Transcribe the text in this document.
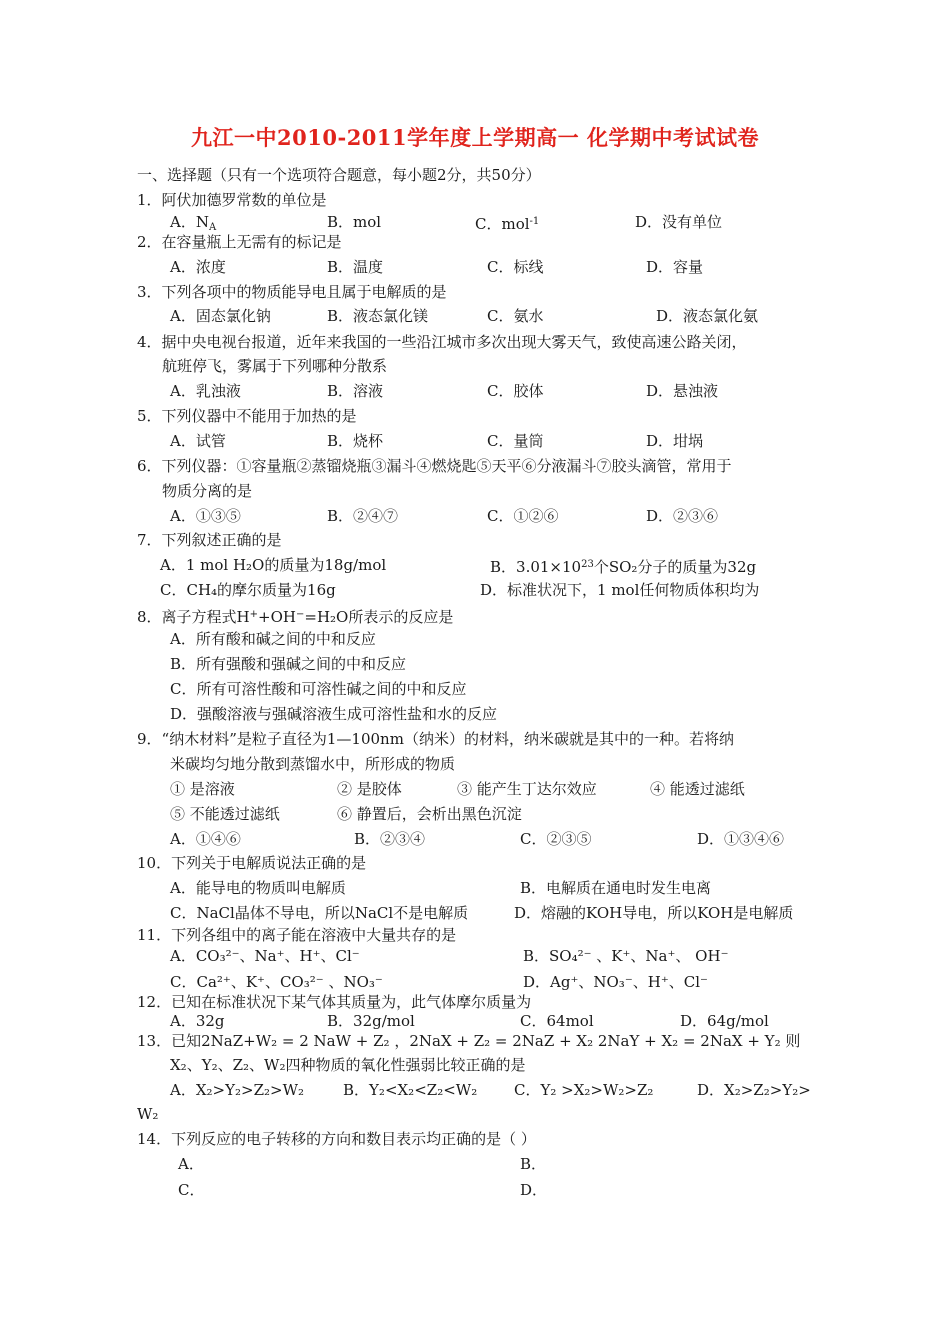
九江一中2010-2011学年度上学期高一 化学期中考试试卷
一、选择题（只有一个选项符合题意，每小题2分，共50分）
1．阿伏加德罗常数的单位是
A．$N_A$	B．mol	C．mol$^{-1}$	D．没有单位
2．在容量瓶上无需有的标记是
A．浓度	B．温度	C．标线	D．容量
3．下列各项中的物质能导电且属于电解质的是
A．固态氯化钠	B．液态氯化镁	C．氨水	D．液态氯化氨
4．据中央电视台报道，近年来我国的一些沿江城市多次出现大雾天气，致使高速公路关闭，
航班停飞，雾属于下列哪种分散系
A．乳浊液	B．溶液	C．胶体	D．悬浊液
5．下列仪器中不能用于加热的是
A．试管	B．烧杯	C．量筒	D．坩埚
6．下列仪器：①容量瓶②蒸镏烧瓶③漏斗④燃烧匙⑤天平⑥分液漏斗⑦胶头滴管，常用于
物质分离的是
A．①③⑤	B．②④⑦	C．①②⑥	D．②③⑥
7．下列叙述正确的是
A．1 mol H₂O的质量为18g/mol	B．$3.01\times 10^{23}$个SO₂分子的质量为32g
C．CH₄的摩尔质量为16g	D．标准状况下，1 mol任何物质体积均为
8．离子方程式H++OH−=H₂O所表示的反应是
A．所有酸和碱之间的中和反应
B．所有强酸和强碱之间的中和反应
C．所有可溶性酸和可溶性碱之间的中和反应
D．强酸溶液与强碱溶液生成可溶性盐和水的反应
9．“纳木材料”是粒子直径为1—100nm（纳米）的材料，纳米碳就是其中的一种。若将纳
米碳均匀地分散到蒸馏水中，所形成的物质
① 是溶液	② 是胶体	③ 能产生丁达尔效应	④ 能透过滤纸
⑤ 不能透过滤纸	⑥ 静置后，会析出黑色沉淀
A．①④⑥	B．②③④	C．②③⑤	D．①③④⑥
10．下列关于电解质说法正确的是
A．能导电的物质叫电解质	B．电解质在通电时发生电离
C．NaCl晶体不导电，所以NaCl不是电解质	D．熔融的KOH导电，所以KOH是电解质
11．下列各组中的离子能在溶液中大量共存的是
A．CO₃²⁻、Na⁺、H⁺、Cl⁻	B．SO₄²⁻ 、K⁺、Na⁺、 OH⁻
C．Ca²⁺、K⁺、CO₃²⁻ 、NO₃⁻	D．Ag⁺、NO₃⁻、H⁺、Cl⁻
12．已知在标准状况下某气体其质量为，此气体摩尔质量为
A．32g	B．32g/mol	C．64mol	D．64g/mol
13．已知2NaZ+W₂ = 2 NaW + Z₂ ，2NaX + Z₂ = 2NaZ + X₂ 2NaY + X₂ = 2NaX + Y₂ 则
X₂、Y₂、Z₂、W₂四种物质的氧化性强弱比较正确的是
A．X₂>Y₂>Z₂>W₂	B．Y₂<X₂<Z₂<W₂ C．Y₂ >X₂>W₂>Z₂	D．X₂>Z₂>Y₂>
W₂
14．下列反应的电子转移的方向和数目表示均正确的是（ ）
A．	B．
C．	D．
